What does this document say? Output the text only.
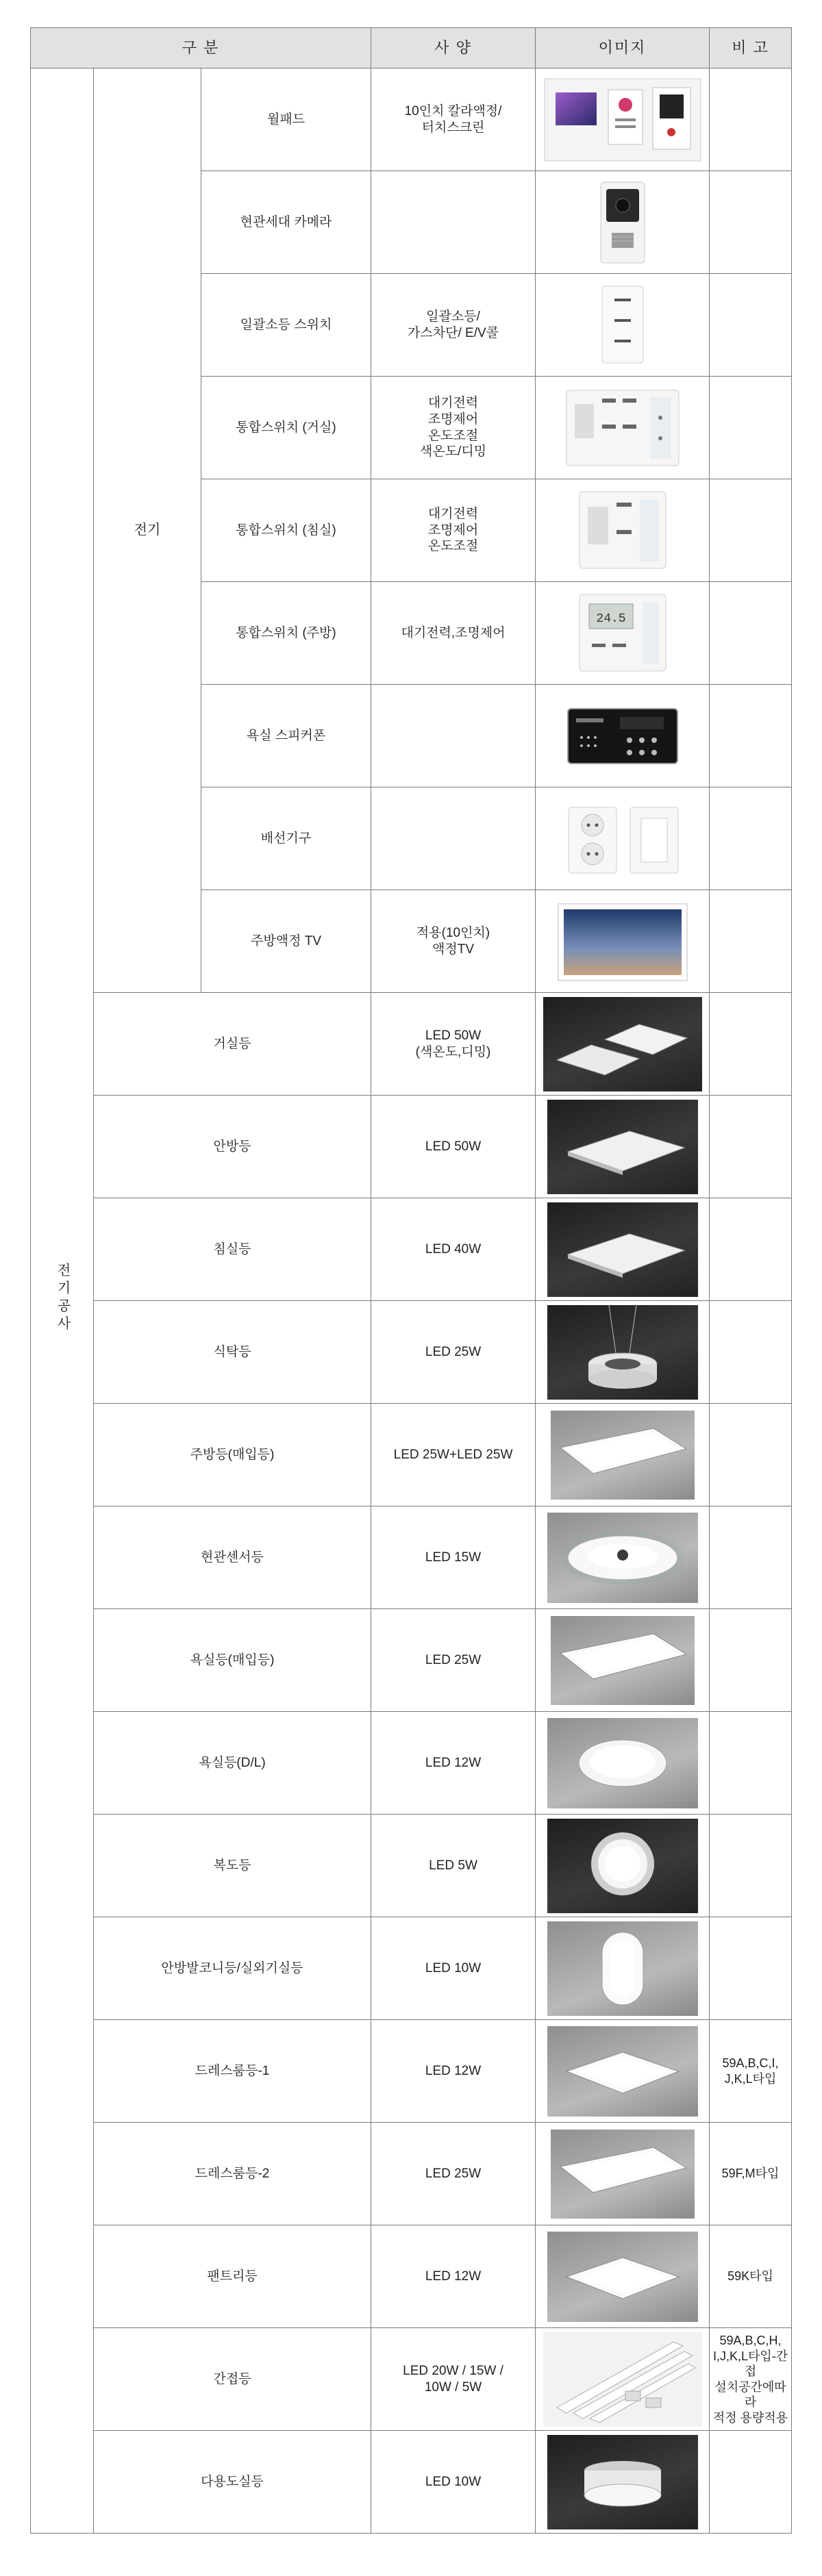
구 분			사 양	이미지	비 고
전기공사	전기	월패드	10인치 칼라액정/
터치스크린	

		현관세대 카메라		

		일괄소등 스위치	일괄소등/
가스차단/ E/V콜	

		통합스위치 (거실)	대기전력
조명제어
온도조절
색온도/디밍	

		통합스위치 (침실)	대기전력
조명제어
온도조절	

		통합스위치 (주방)	대기전력,조명제어	24.5	

		욕실 스피커폰		

		배선기구		

		주방액정 TV	적용(10인치)
액정TV	

	거실등		LED 50W
(색온도,디밍)	

	안방등		LED 50W	

	침실등		LED 40W	

	식탁등		LED 25W	

	주방등(매입등)		LED 25W+LED 25W	

	현관센서등		LED 15W	

	욕실등(매입등)		LED 25W	

	욕실등(D/L)		LED 12W	

	복도등		LED 5W	

	안방발코니등/실외기실등		LED 10W	

	드레스룸등-1		LED 12W		59A,B,C,I,
J,K,L타입
	드레스룸등-2		LED 25W		59F,M타입
	팬트리등		LED 12W		59K타입
	간접등		LED 20W / 15W /
10W / 5W		59A,B,C,H,
I,J,K,L타입-간접
설치공간에따라
적정 용량적용
	다용도실등		LED 10W	
